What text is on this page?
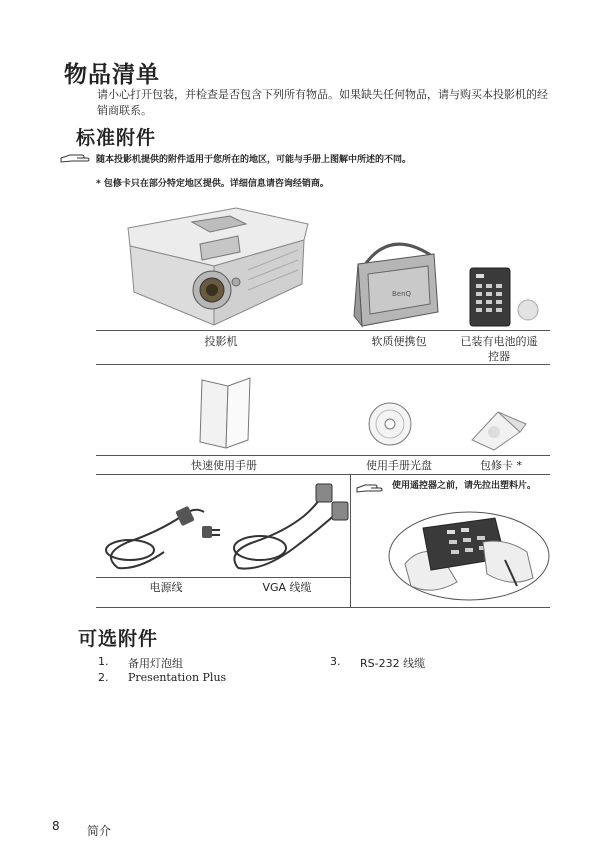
物品清单
请小心打开包装，并检查是否包含下列所有物品。如果缺失任何物品，请与购买本投影机的经销商联系。
标准附件
随本投影机提供的附件适用于您所在的地区，可能与手册上图解中所述的不同。
* 包修卡只在部分特定地区提供。详细信息请咨询经销商。
BenQ
投影机	软质便携包	已装有电池的遥控器
快速使用手册	使用手册光盘	包修卡 *
电源线	VGA 线缆
使用遥控器之前，请先拉出塑料片。
可选附件
1. 备用灯泡组
2. Presentation Plus
3. RS-232 线缆
8 简介
